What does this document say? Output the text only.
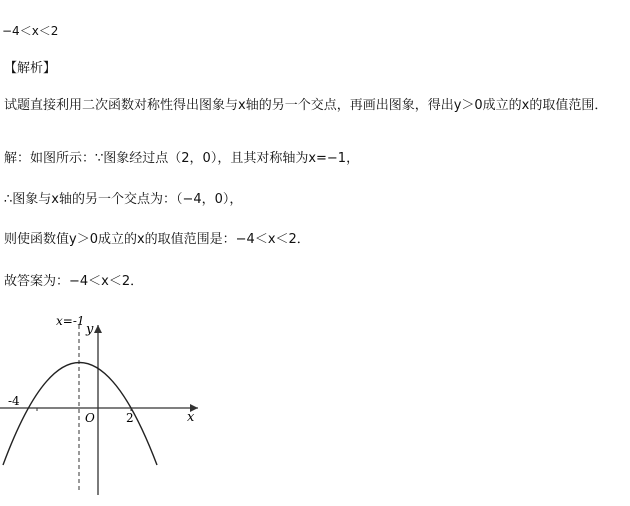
−4＜x＜2
【解析】
试题直接利用二次函数对称性得出图象与x轴的另一个交点，再画出图象，得出y＞0成立的x的取值范围．
解：如图所示：∵图象经过点（2，0），且其对称轴为x=−1，
∴图象与x轴的另一个交点为：（−4，0），
则使函数值y＞0成立的x的取值范围是：−4＜x＜2．
故答案为：−4＜x＜2．
x=-1
y
x
O
-4
2
